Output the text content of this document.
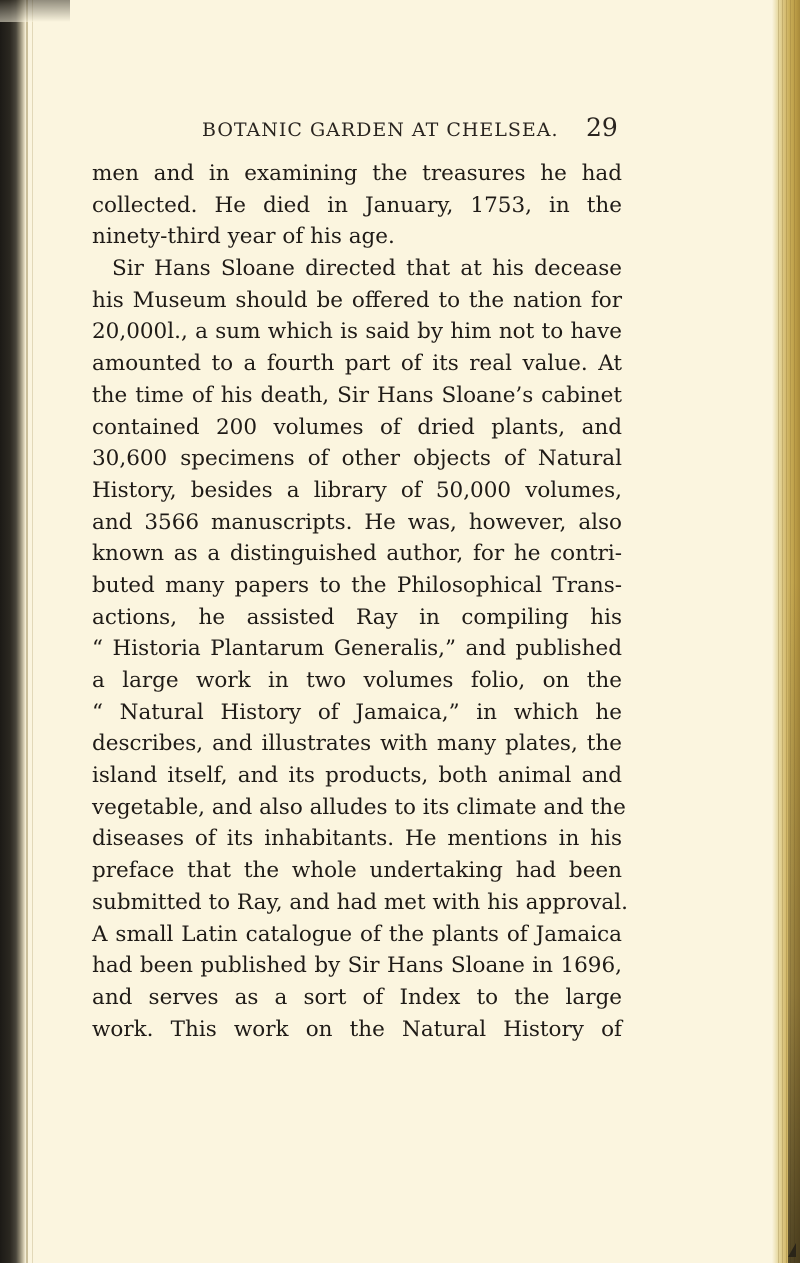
BOTANIC GARDEN AT CHELSEA. 29
men and in examining the treasures he had
collected. He died in January, 1753, in the
ninety-third year of his age.
Sir Hans Sloane directed that at his decease
his Museum should be offered to the nation for
20,000l., a sum which is said by him not to have
amounted to a fourth part of its real value. At
the time of his death, Sir Hans Sloane’s cabinet
contained 200 volumes of dried plants, and
30,600 specimens of other objects of Natural
History, besides a library of 50,000 volumes,
and 3566 manuscripts. He was, however, also
known as a distinguished author, for he contri-
buted many papers to the Philosophical Trans-
actions, he assisted Ray in compiling his
“ Historia Plantarum Generalis,” and published
a large work in two volumes folio, on the
“ Natural History of Jamaica,” in which he
describes, and illustrates with many plates, the
island itself, and its products, both animal and
vegetable, and also alludes to its climate and the
diseases of its inhabitants. He mentions in his
preface that the whole undertaking had been
submitted to Ray, and had met with his approval.
A small Latin catalogue of the plants of Jamaica
had been published by Sir Hans Sloane in 1696,
and serves as a sort of Index to the large
work. This work on the Natural History of
